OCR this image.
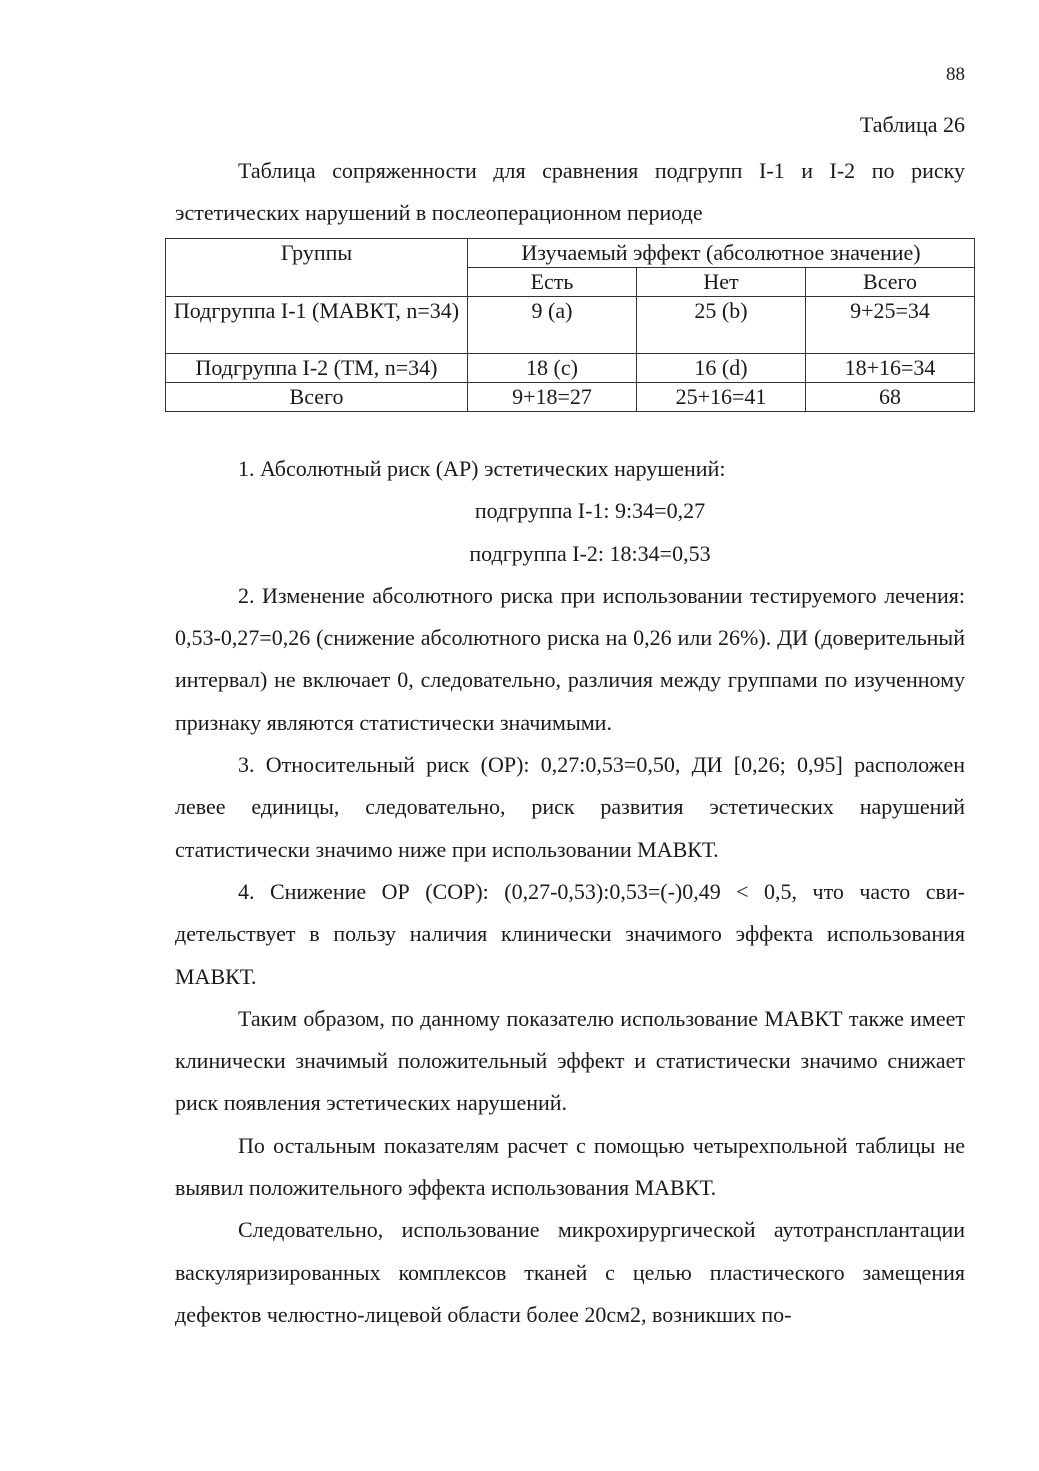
88
Таблица 26
Таблица сопряженности для сравнения подгрупп I-1 и I-2 по риску эстетических нарушений в послеоперационном периоде
Группы	Изучаемый эффект (абсолютное значение)		
	Есть	Нет	Всего
Подгруппа I-1 (МАВКТ, n=34)	9 (a)	25 (b)	9+25=34
Подгруппа I-2 (ТМ, n=34)	18 (c)	16 (d)	18+16=34
Всего	9+18=27	25+16=41	68

1. Абсолютный риск (АР) эстетических нарушений:

подгруппа I-1: 9:34=0,27

подгруппа I-2: 18:34=0,53

2. Изменение абсолютного риска при использовании тестируемого лечения: 0,53-0,27=0,26 (снижение абсолютного риска на 0,26 или 26%). ДИ (доверительный интервал) не включает 0, следовательно, различия между группами по изученному признаку являются статистически значимыми.

3. Относительный риск (ОР): 0,27:0,53=0,50, ДИ [0,26; 0,95] расположен левее единицы, следовательно, риск развития эстетических нарушений статистически значимо ниже при использовании МАВКТ.

4. Снижение ОР (СОР): (0,27-0,53):0,53=(-)0,49 < 0,5, что часто свидетельствует в пользу наличия клинически значимого эффекта использования МАВКТ.

Таким образом, по данному показателю использование МАВКТ также имеет клинически значимый положительный эффект и статистически значимо снижает риск появления эстетических нарушений.

По остальным показателям расчет с помощью четырехпольной таблицы не выявил положительного эффекта использования МАВКТ.

Следовательно, использование микрохирургической аутотрансплантации васкуляризированных комплексов тканей с целью пластического замещения дефектов челюстно-лицевой области более 20см2, возникших по-
